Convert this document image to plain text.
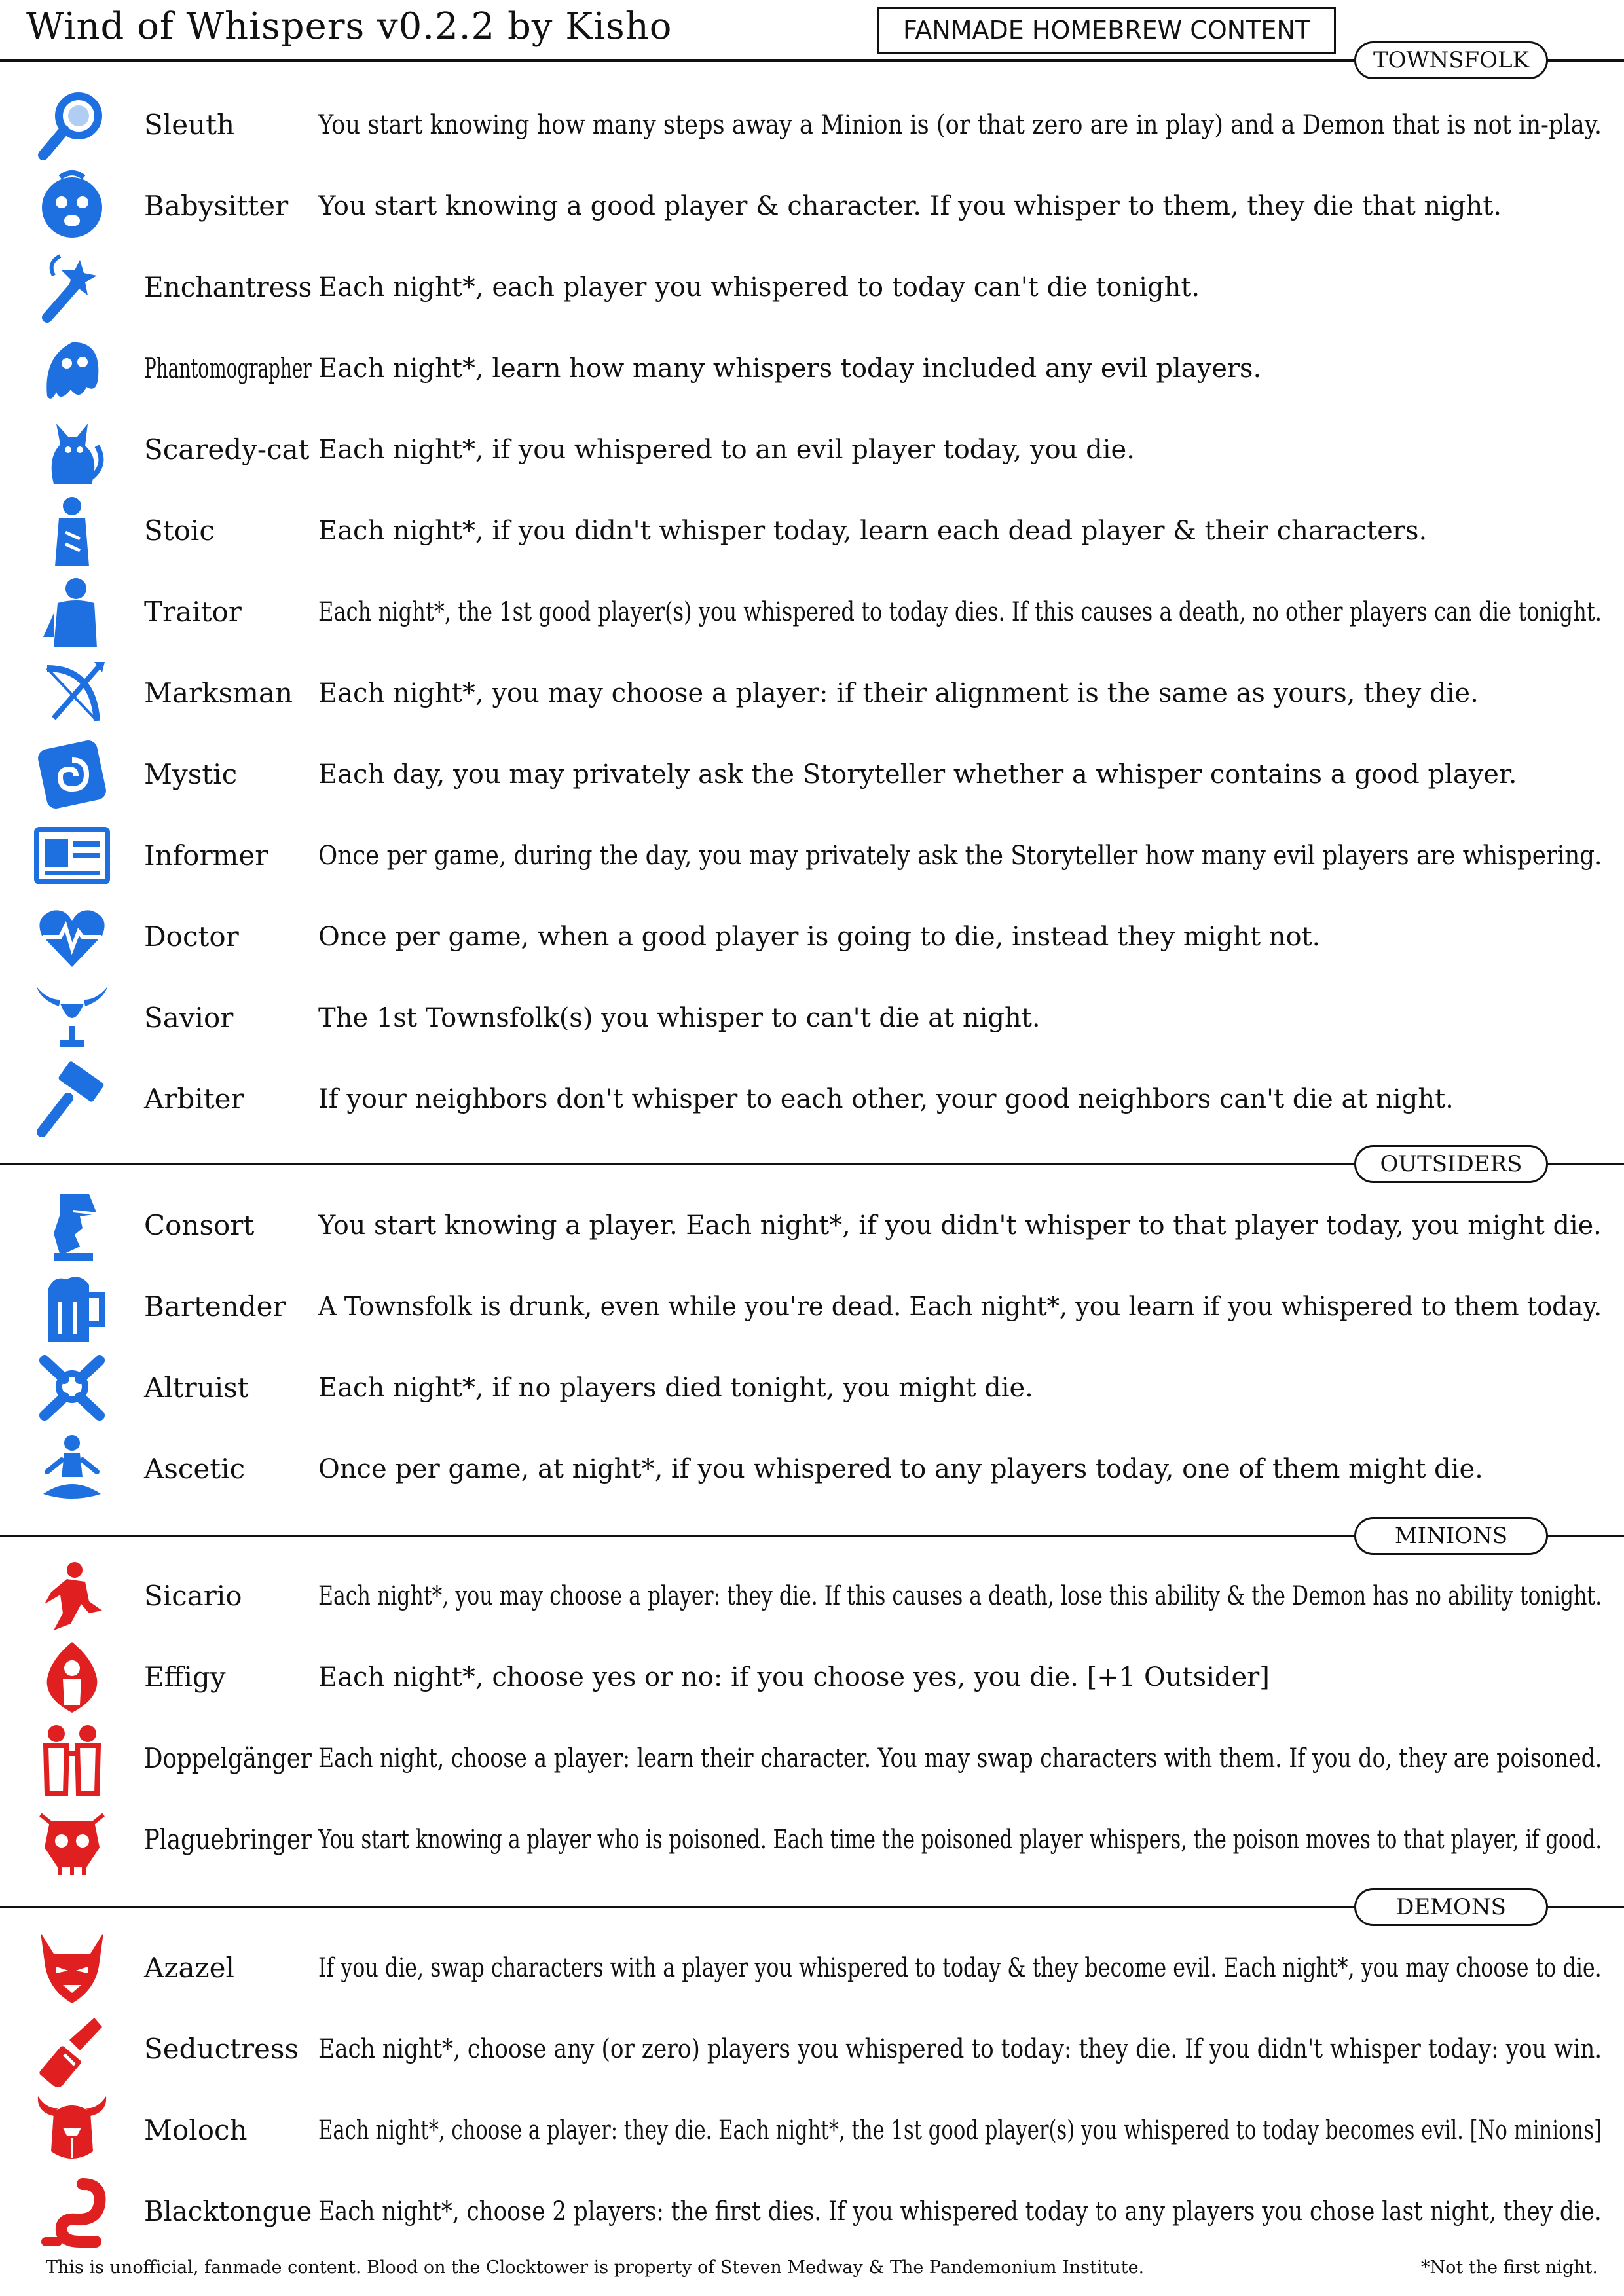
Wind of Whispers v0.2.2 by Kisho	FANMADE HOMEBREW CONTENT
TOWNSFOLK
Sleuth	You start knowing how many steps away a Minion is (or that zero are in play) and a Demon that is not in-play.
Babysitter You start knowing a good player & character. If you whisper to them, they die that night.
Enchantress Each night*, each player you whispered to today can't die tonight.
Phantomographer Each night*, learn how many whispers today included any evil players.
Scaredy-cat Each night*, if you whispered to an evil player today, you die.
Stoic	Each night*, if you didn't whisper today, learn each dead player & their characters.
Traitor	Each night*, the 1st good player(s) you whispered to today dies. If this causes a death, no other players can die tonight.
Marksman Each night*, you may choose a player: if their alignment is the same as yours, they die.
Mystic	Each day, you may privately ask the Storyteller whether a whisper contains a good player.
Informer Once per game, during the day, you may privately ask the Storyteller how many evil players are whispering.
Doctor	Once per game, when a good player is going to die, instead they might not.
Savior	The 1st Townsfolk(s) you whisper to can't die at night.
Arbiter	If your neighbors don't whisper to each other, your good neighbors can't die at night.
OUTSIDERS
Consort You start knowing a player. Each night*, if you didn't whisper to that player today, you might die.
Bartender A Townsfolk is drunk, even while you're dead. Each night*, you learn if you whispered to them today.
Altruist	Each night*, if no players died tonight, you might die.
Ascetic	Once per game, at night*, if you whispered to any players today, one of them might die.
MINIONS
Sicario	Each night*, you may choose a player: they die. If this causes a death, lose this ability & the Demon has no ability tonight.
Effigy	Each night*, choose yes or no: if you choose yes, you die. [+1 Outsider]
Doppelgänger Each night, choose a player: learn their character. You may swap characters with them. If you do, they are poisoned.
Plaguebringer You start knowing a player who is poisoned. Each time the poisoned player whispers, the poison moves to that player, if good.
DEMONS
Azazel	If you die, swap characters with a player you whispered to today & they become evil. Each night*, you may choose to die.
Seductress Each night*, choose any (or zero) players you whispered to today: they die. If you didn't whisper today: you win.
Moloch	Each night*, choose a player: they die. Each night*, the 1st good player(s) you whispered to today becomes evil. [No minions]
Blacktongue Each night*, choose 2 players: the first dies. If you whispered today to any players you chose last night, they die.
This is unofficial, fanmade content. Blood on the Clocktower is property of Steven Medway & The Pandemonium Institute.	*Not the first night.
